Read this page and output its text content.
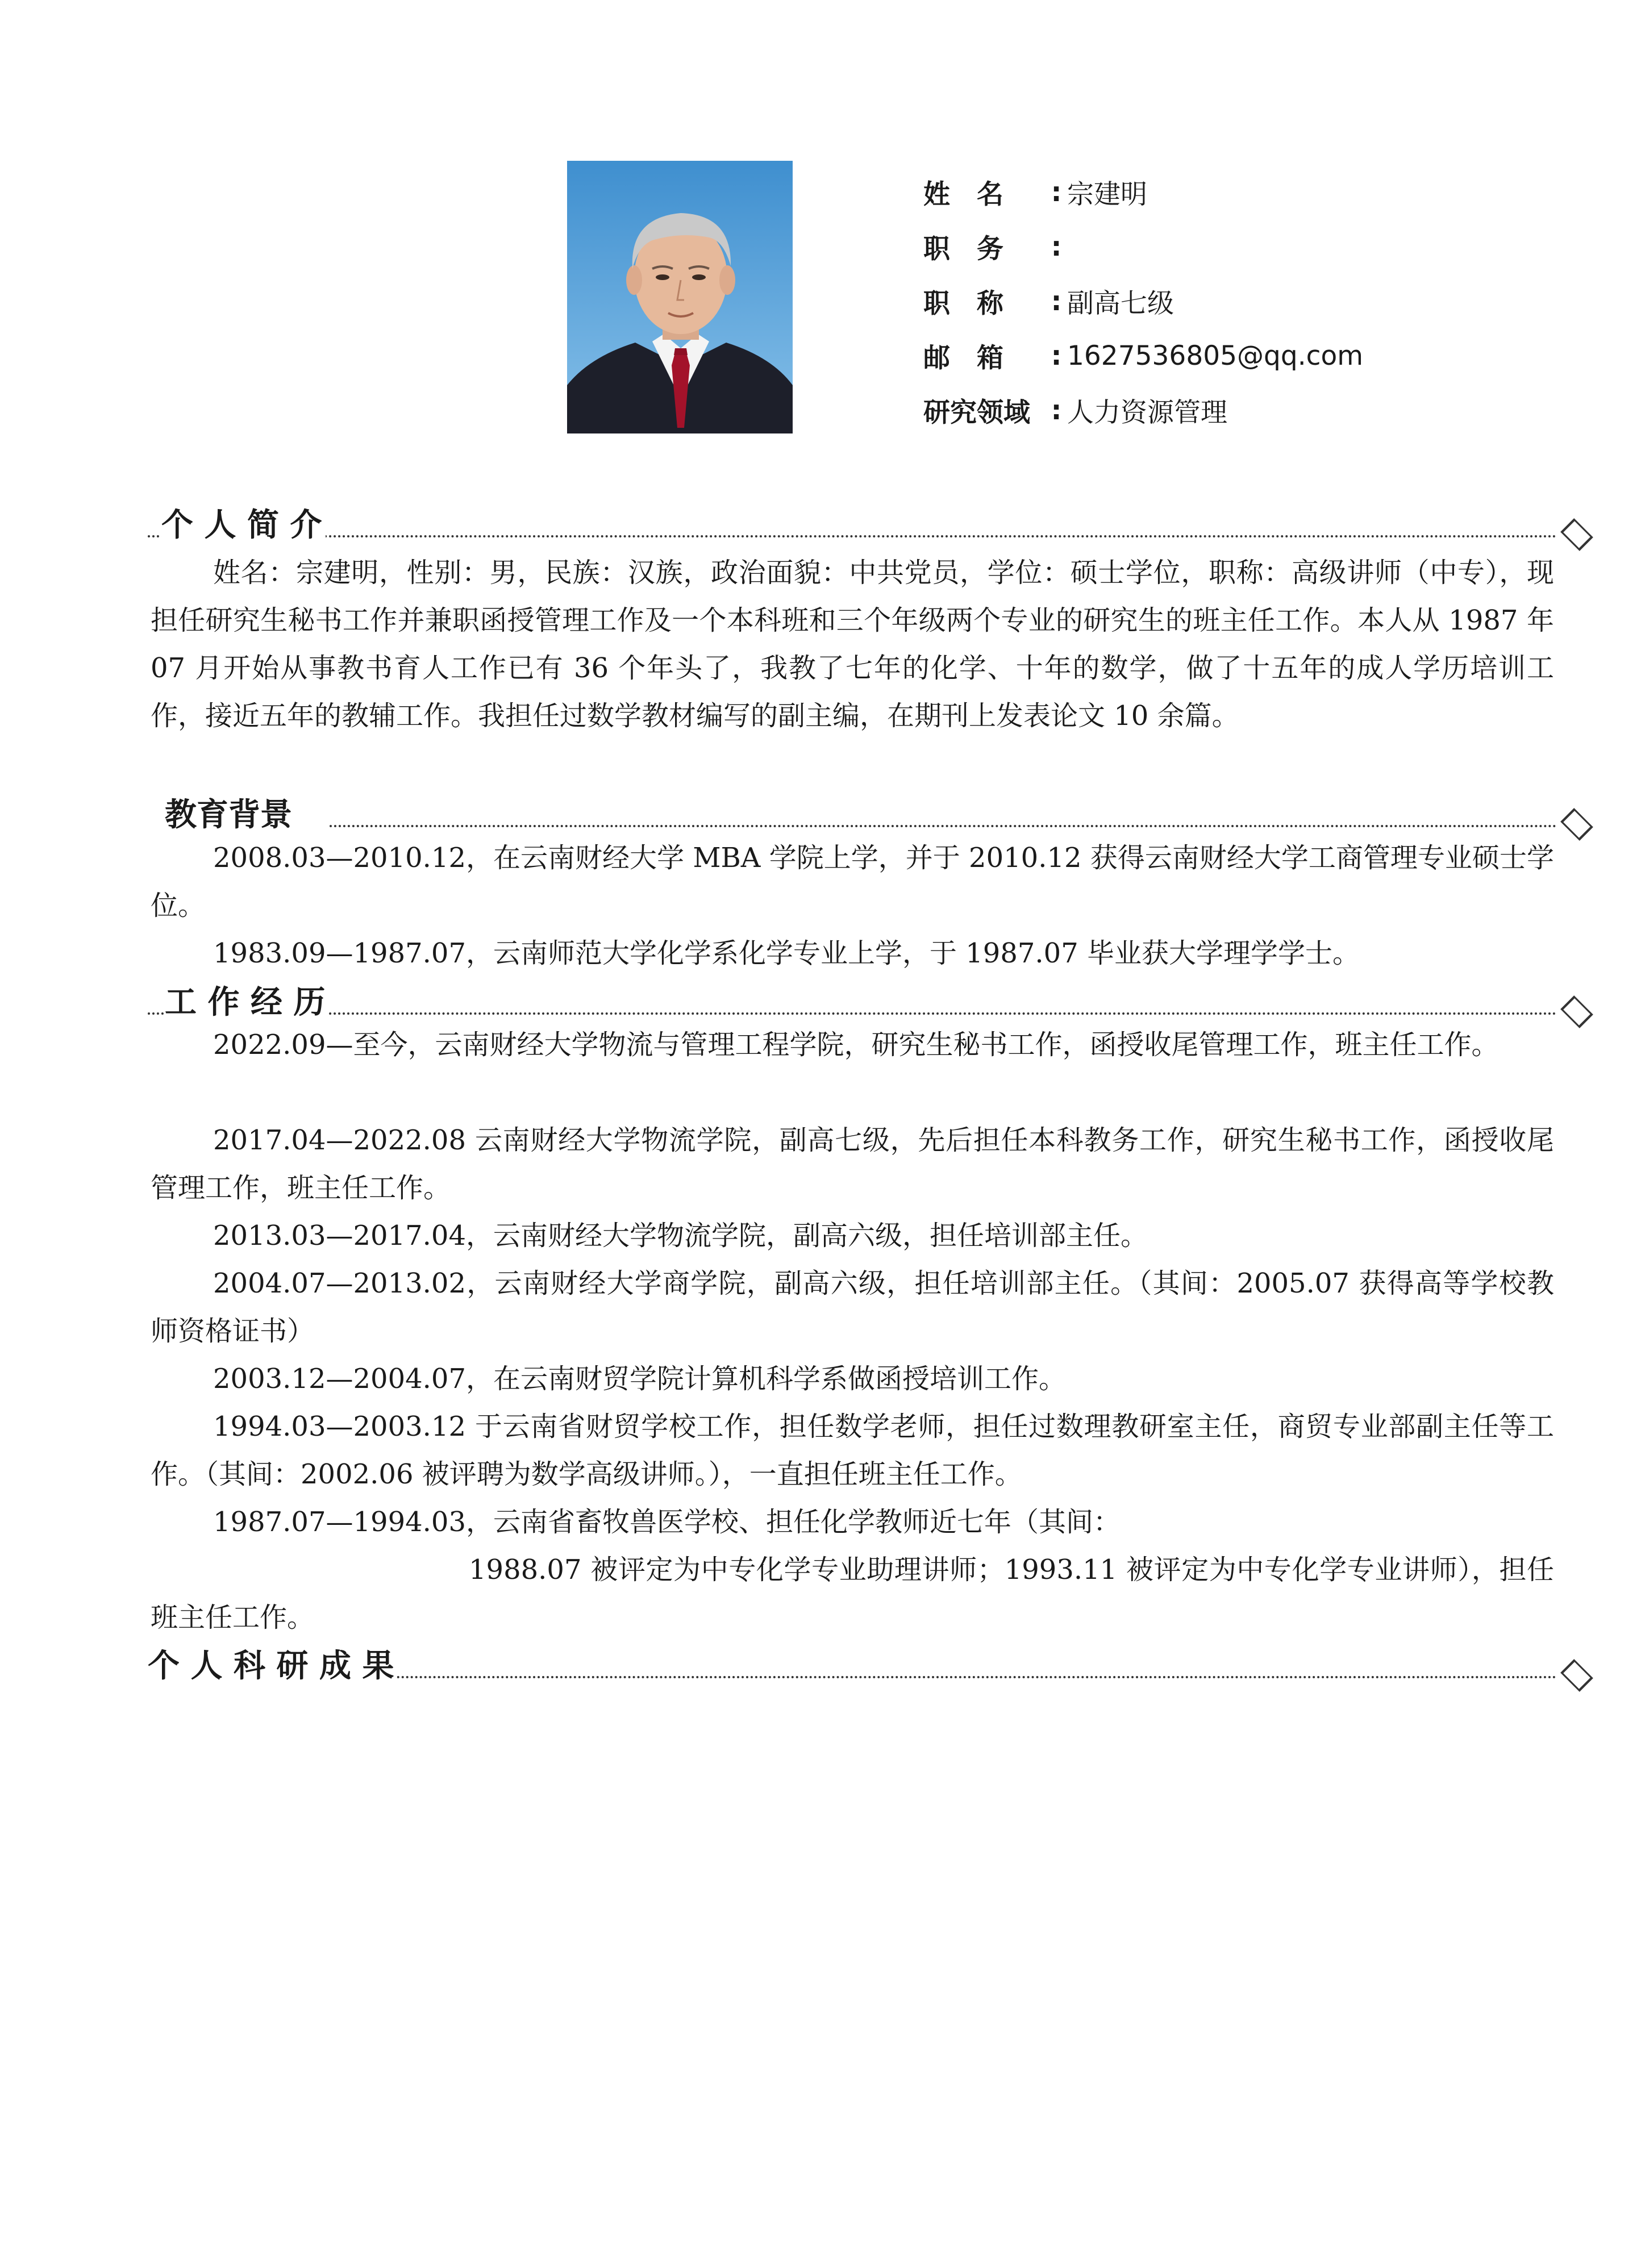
姓　名	: 宗建明
职　务	:
职　称	: 副高七级
邮　箱	: 1627536805@qq.com
研究领域 : 人力资源管理
个 人 简 介

姓名：宗建明，性别：男，民族：汉族，政治面貌：中共党员，学位：硕士学位，职称：高级讲师（中专），现担任研究生秘书工作并兼职函授管理工作及一个本科班和三个年级两个专业的研究生的班主任工作。本人从 1987 年 07 月开始从事教书育人工作已有 36 个年头了，我教了七年的化学、十年的数学，做了十五年的成人学历培训工作，接近五年的教辅工作。我担任过数学教材编写的副主编，在期刊上发表论文 10 余篇。

教育背景

2008.03—2010.12，在云南财经大学 MBA 学院上学，并于 2010.12 获得云南财经大学工商管理专业硕士学位。

1983.09—1987.07，云南师范大学化学系化学专业上学，于 1987.07 毕业获大学理学学士。

工 作 经 历

2022.09—至今，云南财经大学物流与管理工程学院，研究生秘书工作，函授收尾管理工作，班主任工作。

2017.04—2022.08 云南财经大学物流学院，副高七级，先后担任本科教务工作，研究生秘书工作，函授收尾管理工作，班主任工作。

2013.03—2017.04，云南财经大学物流学院，副高六级，担任培训部主任。

2004.07—2013.02，云南财经大学商学院，副高六级，担任培训部主任。（其间：2005.07 获得高等学校教师资格证书）

2003.12—2004.07，在云南财贸学院计算机科学系做函授培训工作。

1994.03—2003.12 于云南省财贸学校工作，担任数学老师，担任过数理教研室主任，商贸专业部副主任等工作。（其间：2002.06 被评聘为数学高级讲师。），一直担任班主任工作。

1987.07—1994.03，云南省畜牧兽医学校、担任化学教师近七年（其间：

1988.07 被评定为中专化学专业助理讲师；1993.11 被评定为中专化学专业讲师），担任班主任工作。

个 人 科 研 成 果
